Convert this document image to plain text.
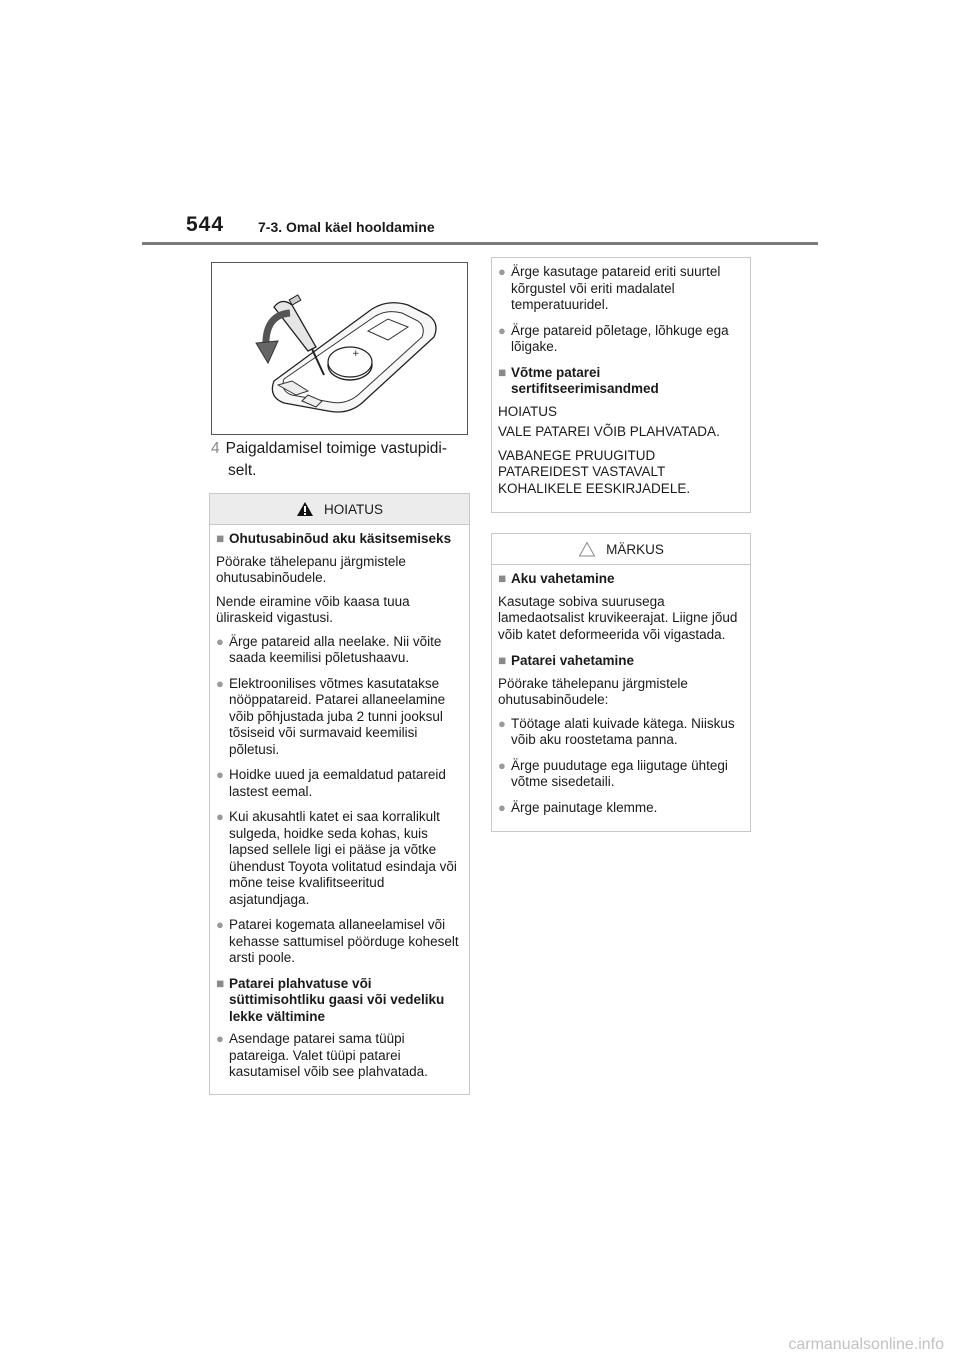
544 7-3. Omal käel hooldamine
+
4 Paigaldamisel toimige vastupidi-
selt.
HOIATUS
■ Ohutusabinõud aku käsitsemiseks

Pöörake tähelepanu järgmistele ohutusabinõudele.

Nende eiramine võib kaasa tuua üliraskeid vigastusi.

● Ärge patareid alla neelake. Nii võite saada keemilisi põletushaavu.
● Elektroonilises võtmes kasutatakse nööppatareid. Patarei allaneelamine võib põhjustada juba 2 tunni jooksul tõsiseid või surmavaid keemilisi põletusi.
● Hoidke uued ja eemaldatud patareid lastest eemal.
● Kui akusahtli katet ei saa korralikult sulgeda, hoidke seda kohas, kuis lapsed sellele ligi ei pääse ja võtke ühendust Toyota volitatud esindaja või mõne teise kvalifitseeritud asjatundjaga.
● Patarei kogemata allaneelamisel või kehasse sattumisel pöörduge koheselt arsti poole.
■ Patarei plahvatuse või süttimisohtliku gaasi või vedeliku lekke vältimine
● Asendage patarei sama tüüpi patareiga. Valet tüüpi patarei kasutamisel võib see plahvatada.
● Ärge kasutage patareid eriti suurtel kõrgustel või eriti madalatel temperatuuridel.
● Ärge patareid põletage, lõhkuge ega lõigake.
■ Võtme patarei sertifitseerimisandmed

HOIATUS

VALE PATAREI VÕIB PLAHVATADA.

VABANEGE PRUUGITUD PATAREIDEST VASTAVALT KOHALIKELE EESKIRJADELE.

MÄRKUS
■ Aku vahetamine

Kasutage sobiva suurusega lamedaotsalist kruvikeerajat. Liigne jõud võib katet deformeerida või vigastada.

■ Patarei vahetamine

Pöörake tähelepanu järgmistele ohutusabinõudele:

● Töötage alati kuivade kätega. Niiskus võib aku roostetama panna.
● Ärge puudutage ega liigutage ühtegi võtme sisedetaili.
● Ärge painutage klemme.
carmanualsonline.info
